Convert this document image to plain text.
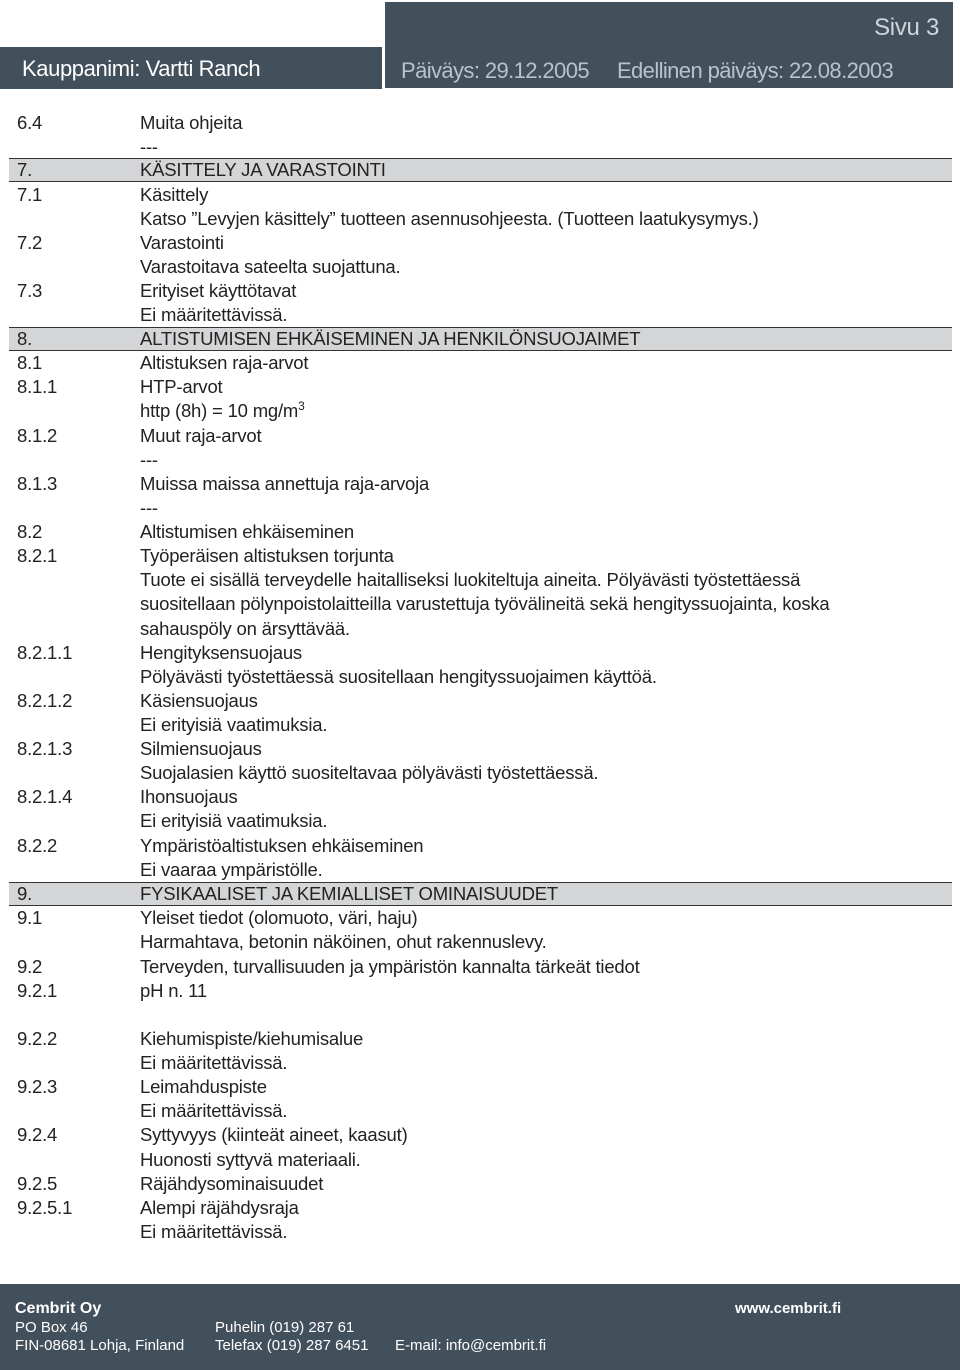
Kauppanimi: Vartti Ranch
Sivu 3
Päiväys: 29.12.2005 Edellinen päiväys: 22.08.2003
6.4	Muita ohjeita
---
7.	KÄSITTELY JA VARASTOINTI
7.1	Käsittely
Katso ”Levyjen käsittely” tuotteen asennusohjeesta. (Tuotteen laatukysymys.)
7.2	Varastointi
Varastoitava sateelta suojattuna.
7.3	Erityiset käyttötavat
Ei määritettävissä.
8.	ALTISTUMISEN EHKÄISEMINEN JA HENKILÖNSUOJAIMET
8.1	Altistuksen raja-arvot
8.1.1	HTP-arvot
http (8h) = 10 $mg/m^3$
8.1.2	Muut raja-arvot
---
8.1.3	Muissa maissa annettuja raja-arvoja
---
8.2	Altistumisen ehkäiseminen
8.2.1	Työperäisen altistuksen torjunta
Tuote ei sisällä terveydelle haitalliseksi luokiteltuja aineita. Pölyävästi työstettäessä
suositellaan pölynpoistolaitteilla varustettuja työvälineitä sekä hengityssuojainta, koska
sahauspöly on ärsyttävää.
8.2.1.1	Hengityksensuojaus
Pölyävästi työstettäessä suositellaan hengityssuojaimen käyttöä.
8.2.1.2	Käsiensuojaus
Ei erityisiä vaatimuksia.
8.2.1.3	Silmiensuojaus
Suojalasien käyttö suositeltavaa pölyävästi työstettäessä.
8.2.1.4	Ihonsuojaus
Ei erityisiä vaatimuksia.
8.2.2	Ympäristöaltistuksen ehkäiseminen
Ei vaaraa ympäristölle.
9.	FYSIKAALISET JA KEMIALLISET OMINAISUUDET
9.1	Yleiset tiedot (olomuoto, väri, haju)
Harmahtava, betonin näköinen, ohut rakennuslevy.
9.2	Terveyden, turvallisuuden ja ympäristön kannalta tärkeät tiedot
9.2.1	pH n. 11
9.2.2	Kiehumispiste/kiehumisalue
Ei määritettävissä.
9.2.3	Leimahduspiste
Ei määritettävissä.
9.2.4	Syttyvyys (kiinteät aineet, kaasut)
Huonosti syttyvä materiaali.
9.2.5	Räjähdysominaisuudet
9.2.5.1	Alempi räjähdysraja
Ei määritettävissä.
Cembrit Oy
PO Box 46
FIN-08681 Lohja, Finland
Puhelin (019) 287 61
Telefax (019) 287 6451 E-mail: info@cembrit.fi
www.cembrit.fi
